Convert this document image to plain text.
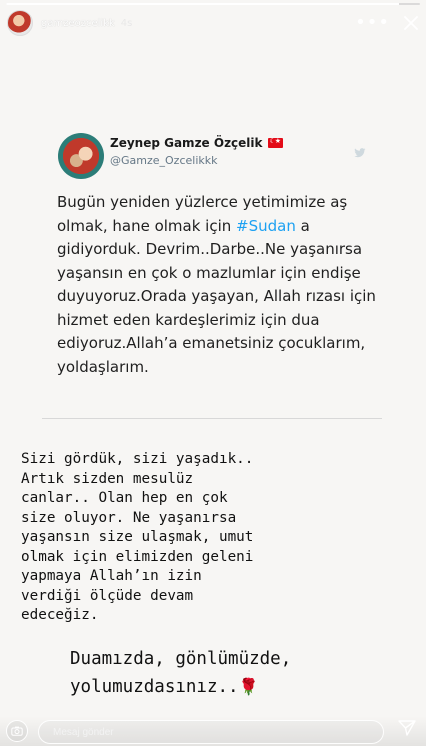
gamzeozcelikk 4s	•••
Zeynep Gamze Özçelik
☾★
@Gamze_Ozcelikkk
Bugün yeniden yüzlerce yetimimize aş olmak, hane olmak için #Sudan a gidiyorduk. Devrim..Darbe..Ne yaşanırsa yaşansın en çok o mazlumlar için endişe duyuyoruz.Orada yaşayan, Allah rızası için hizmet eden kardeşlerimiz için dua ediyoruz.Allah’a emanetsiniz çocuklarım, yoldaşlarım.
Sizi gördük, sizi yaşadık..
Artık sizden mesulüz
canlar.. Olan hep en çok
size oluyor. Ne yaşanırsa
yaşansın size ulaşmak, umut
olmak için elimizden geleni
yapmaya Allah’ın izin
verdiği ölçüde devam
edeceğiz.
Duamızda, gönlümüzde,
yolumuzdasınız..🌹
Mesaj gönder
